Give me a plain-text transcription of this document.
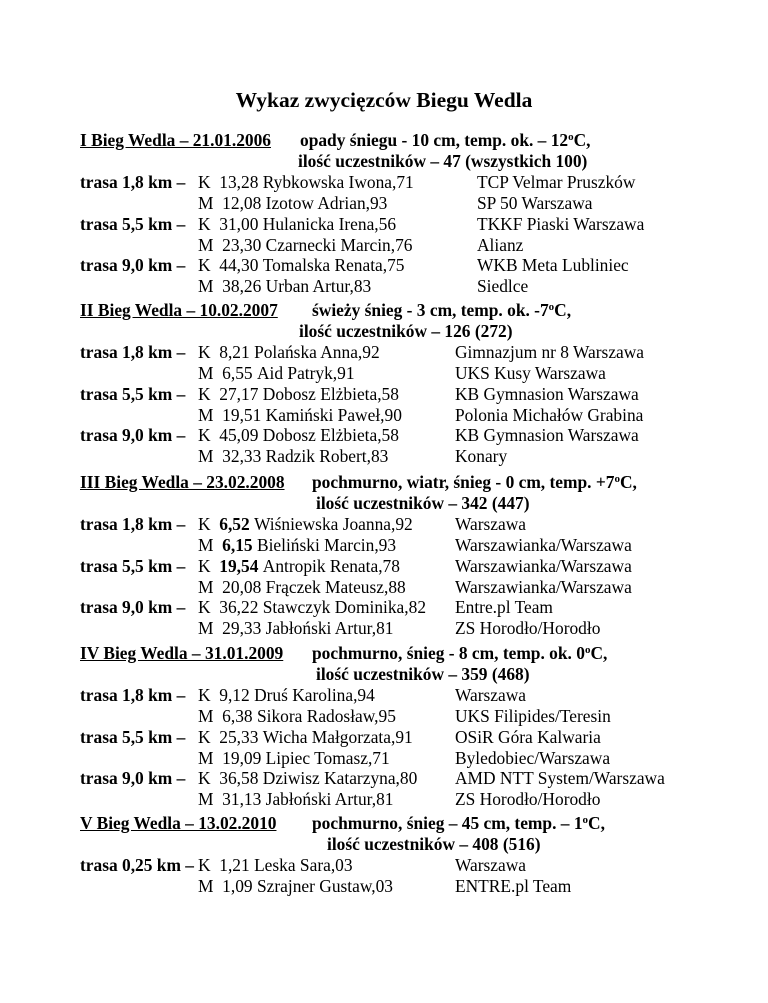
Wykaz zwycięzców Biegu Wedla
I Bieg Wedla – 21.01.2006 opady śniegu - 10 cm, temp. ok. – 12$^o$C,
ilość uczestników – 47 (wszystkich 100)
trasa 1,8 km – K 13,28 Rybkowska Iwona,71	TCP Velmar Pruszków
M 12,08 Izotow Adrian,93	SP 50 Warszawa
trasa 5,5 km – K 31,00 Hulanicka Irena,56	TKKF Piaski Warszawa
M 23,30 Czarnecki Marcin,76	Alianz
trasa 9,0 km – K 44,30 Tomalska Renata,75	WKB Meta Lubliniec
M 38,26 Urban Artur,83	Siedlce
II Bieg Wedla – 10.02.2007 świeży śnieg - 3 cm, temp. ok. -7$^o$C,
ilość uczestników – 126 (272)
trasa 1,8 km – K 8,21 Polańska Anna,92	Gimnazjum nr 8 Warszawa
M 6,55 Aid Patryk,91	UKS Kusy Warszawa
trasa 5,5 km – K 27,17 Dobosz Elżbieta,58	KB Gymnasion Warszawa
M 19,51 Kamiński Paweł,90	Polonia Michałów Grabina
trasa 9,0 km – K 45,09 Dobosz Elżbieta,58	KB Gymnasion Warszawa
M 32,33 Radzik Robert,83	Konary
III Bieg Wedla – 23.02.2008 pochmurno, wiatr, śnieg - 0 cm, temp. $+7^oC$,
ilość uczestników – 342 (447)
trasa 1,8 km – K 6,52 Wiśniewska Joanna,92 Warszawa
M 6,15 Bieliński Marcin,93	Warszawianka/Warszawa
trasa 5,5 km – K 19,54 Antropik Renata,78	Warszawianka/Warszawa
M 20,08 Frączek Mateusz,88	Warszawianka/Warszawa
trasa 9,0 km – K 36,22 Stawczyk Dominika,82 Entre.pl Team
M 29,33 Jabłoński Artur,81	ZS Horodło/Horodło
IV Bieg Wedla – 31.01.2009 pochmurno, śnieg - 8 cm, temp. ok. 0$^o$C,
ilość uczestników – 359 (468)
trasa 1,8 km – K 9,12 Druś Karolina,94	Warszawa
M 6,38 Sikora Radosław,95	UKS Filipides/Teresin
trasa 5,5 km – K 25,33 Wicha Małgorzata,91 OSiR Góra Kalwaria
M 19,09 Lipiec Tomasz,71	Byledobiec/Warszawa
trasa 9,0 km – K 36,58 Dziwisz Katarzyna,80 AMD NTT System/Warszawa
M 31,13 Jabłoński Artur,81	ZS Horodło/Horodło
V Bieg Wedla – 13.02.2010 pochmurno, śnieg – 45 cm, temp. – 1$^o$C,
ilość uczestników – 408 (516)
trasa 0,25 km – K 1,21 Leska Sara,03	Warszawa
M 1,09 Szrajner Gustaw,03	ENTRE.pl Team
